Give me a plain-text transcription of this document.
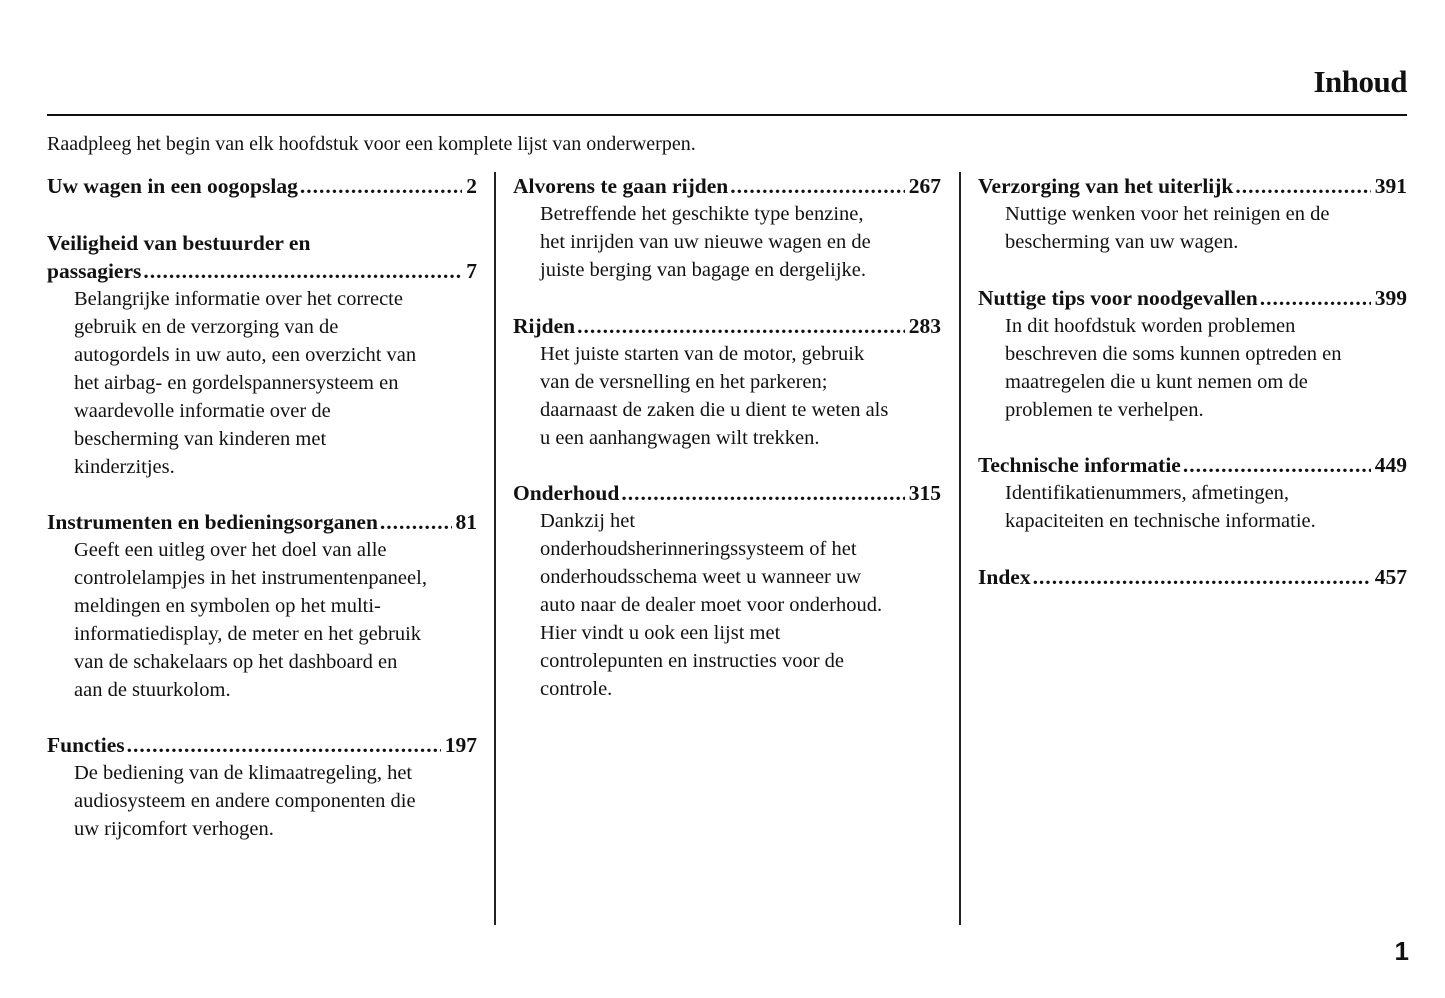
Inhoud
Raadpleeg het begin van elk hoofdstuk voor een komplete lijst van onderwerpen.
Uw wagen in een oogopslag .....	2
Veiligheid van bestuurder en
passagiers .....	7
Belangrijke informatie over het correcte
gebruik en de verzorging van de
autogordels in uw auto, een overzicht van
het airbag- en gordelspannersysteem en
waardevolle informatie over de
bescherming van kinderen met
kinderzitjes.
Instrumenten en bedieningsorganen .....	81
Geeft een uitleg over het doel van alle
controlelampjes in het instrumentenpaneel,
meldingen en symbolen op het multi-
informatiedisplay, de meter en het gebruik
van de schakelaars op het dashboard en
aan de stuurkolom.
Functies .....	197
De bediening van de klimaatregeling, het
audiosysteem en andere componenten die
uw rijcomfort verhogen.
Alvorens te gaan rijden .....	267
Betreffende het geschikte type benzine,
het inrijden van uw nieuwe wagen en de
juiste berging van bagage en dergelijke.
Rijden .....	283
Het juiste starten van de motor, gebruik
van de versnelling en het parkeren;
daarnaast de zaken die u dient te weten als
u een aanhangwagen wilt trekken.
Onderhoud .....	315
Dankzij het
onderhoudsherinneringssysteem of het
onderhoudsschema weet u wanneer uw
auto naar de dealer moet voor onderhoud.
Hier vindt u ook een lijst met
controlepunten en instructies voor de
controle.
Verzorging van het uiterlijk .....	391
Nuttige wenken voor het reinigen en de
bescherming van uw wagen.
Nuttige tips voor noodgevallen .....	399
In dit hoofdstuk worden problemen
beschreven die soms kunnen optreden en
maatregelen die u kunt nemen om de
problemen te verhelpen.
Technische informatie .....	449
Identifikatienummers, afmetingen,
kapaciteiten en technische informatie.
Index .....	457
1
